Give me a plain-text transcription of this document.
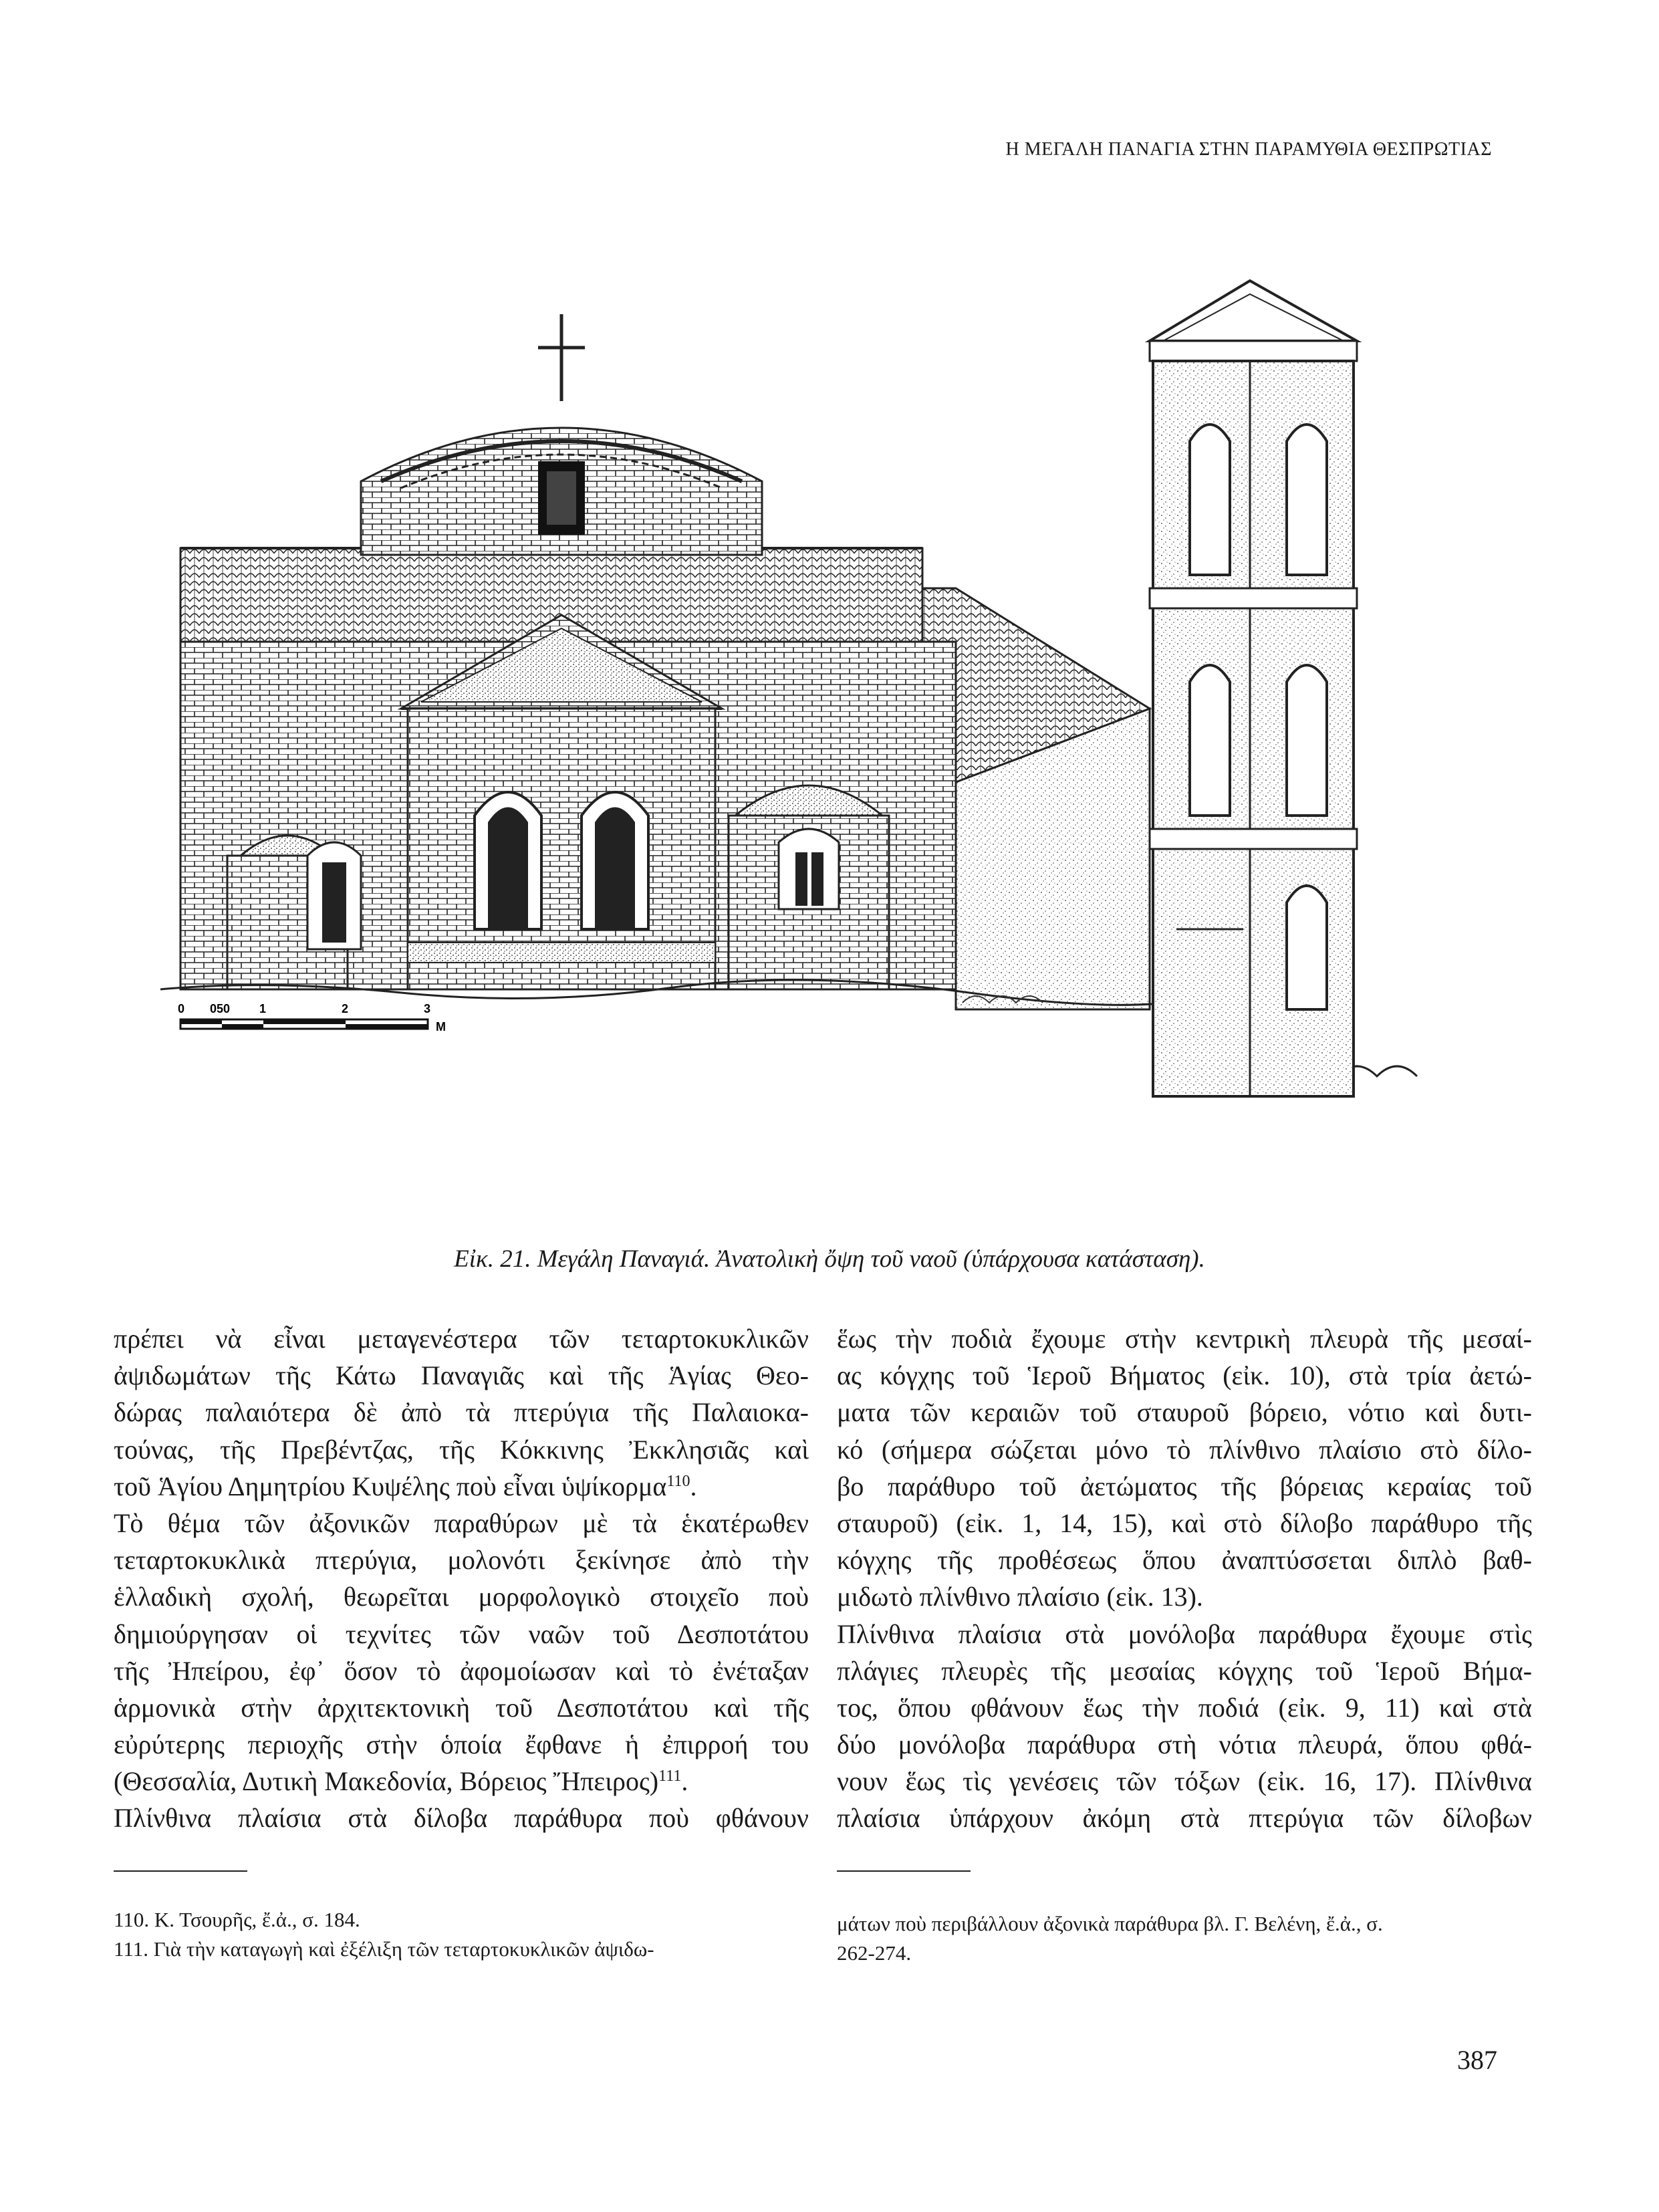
Η ΜΕΓΑΛΗ ΠΑΝΑΓΙΑ ΣΤΗΝ ΠΑΡΑΜΥΘΙΑ ΘΕΣΠΡΩΤΙΑΣ
0 050 1	2	3
M
Εἰκ. 21. Μεγάλη Παναγιά. Ἀνατολικὴ ὄψη τοῦ ναοῦ (ὑπάρχουσα κατάσταση).
πρέπει νὰ εἶναι μεταγενέστερα τῶν τεταρτοκυκλικῶν
ἀψιδωμάτων τῆς Κάτω Παναγιᾶς καὶ τῆς Ἁγίας Θεο-
δώρας παλαιότερα δὲ ἀπὸ τὰ πτερύγια τῆς Παλαιοκα-
τούνας, τῆς Πρεβέντζας, τῆς Κόκκινης Ἐκκλησιᾶς καὶ
τοῦ Ἁγίου Δημητρίου Κυψέλης ποὺ εἶναι ὑψίκορμα$^{110}$.
Τὸ θέμα τῶν ἀξονικῶν παραθύρων μὲ τὰ ἑκατέρωθεν
τεταρτοκυκλικὰ πτερύγια, μολονότι ξεκίνησε ἀπὸ τὴν
ἑλλαδικὴ σχολή, θεωρεῖται μορφολογικὸ στοιχεῖο ποὺ
δημιούργησαν οἱ τεχνίτες τῶν ναῶν τοῦ Δεσποτάτου
τῆς Ἠπείρου, ἐφ᾽ ὅσον τὸ ἀφομοίωσαν καὶ τὸ ἐνέταξαν
ἁρμονικὰ στὴν ἀρχιτεκτονικὴ τοῦ Δεσποτάτου καὶ τῆς
εὐρύτερης περιοχῆς στὴν ὁποία ἔφθανε ἡ ἐπιρροή του
(Θεσσαλία, Δυτικὴ Μακεδονία, Βόρειος Ἤπειρος)$^{111}$.
Πλίνθινα πλαίσια στὰ δίλοβα παράθυρα ποὺ φθάνουν
ἕως τὴν ποδιὰ ἔχουμε στὴν κεντρικὴ πλευρὰ τῆς μεσαί-
ας κόγχης τοῦ Ἱεροῦ Βήματος (εἰκ. 10), στὰ τρία ἀετώ-
ματα τῶν κεραιῶν τοῦ σταυροῦ βόρειο, νότιο καὶ δυτι-
κό (σήμερα σώζεται μόνο τὸ πλίνθινο πλαίσιο στὸ δίλο-
βο παράθυρο τοῦ ἀετώματος τῆς βόρειας κεραίας τοῦ
σταυροῦ) (εἰκ. 1, 14, 15), καὶ στὸ δίλοβο παράθυρο τῆς
κόγχης τῆς προθέσεως ὅπου ἀναπτύσσεται διπλὸ βαθ-
μιδωτὸ πλίνθινο πλαίσιο (εἰκ. 13).
Πλίνθινα πλαίσια στὰ μονόλοβα παράθυρα ἔχουμε στὶς
πλάγιες πλευρὲς τῆς μεσαίας κόγχης τοῦ Ἱεροῦ Βήμα-
τος, ὅπου φθάνουν ἕως τὴν ποδιά (εἰκ. 9, 11) καὶ στὰ
δύο μονόλοβα παράθυρα στὴ νότια πλευρά, ὅπου φθά-
νουν ἕως τὶς γενέσεις τῶν τόξων (εἰκ. 16, 17). Πλίνθινα
πλαίσια ὑπάρχουν ἀκόμη στὰ πτερύγια τῶν δίλοβων
110. Κ. Τσουρῆς, ἔ.ἀ., σ. 184.
111. Γιὰ τὴν καταγωγὴ καὶ ἐξέλιξη τῶν τεταρτοκυκλικῶν ἀψιδω-
μάτων ποὺ περιβάλλουν ἀξονικὰ παράθυρα βλ. Γ. Βελένη, ἔ.ἀ., σ.
262-274.
387
